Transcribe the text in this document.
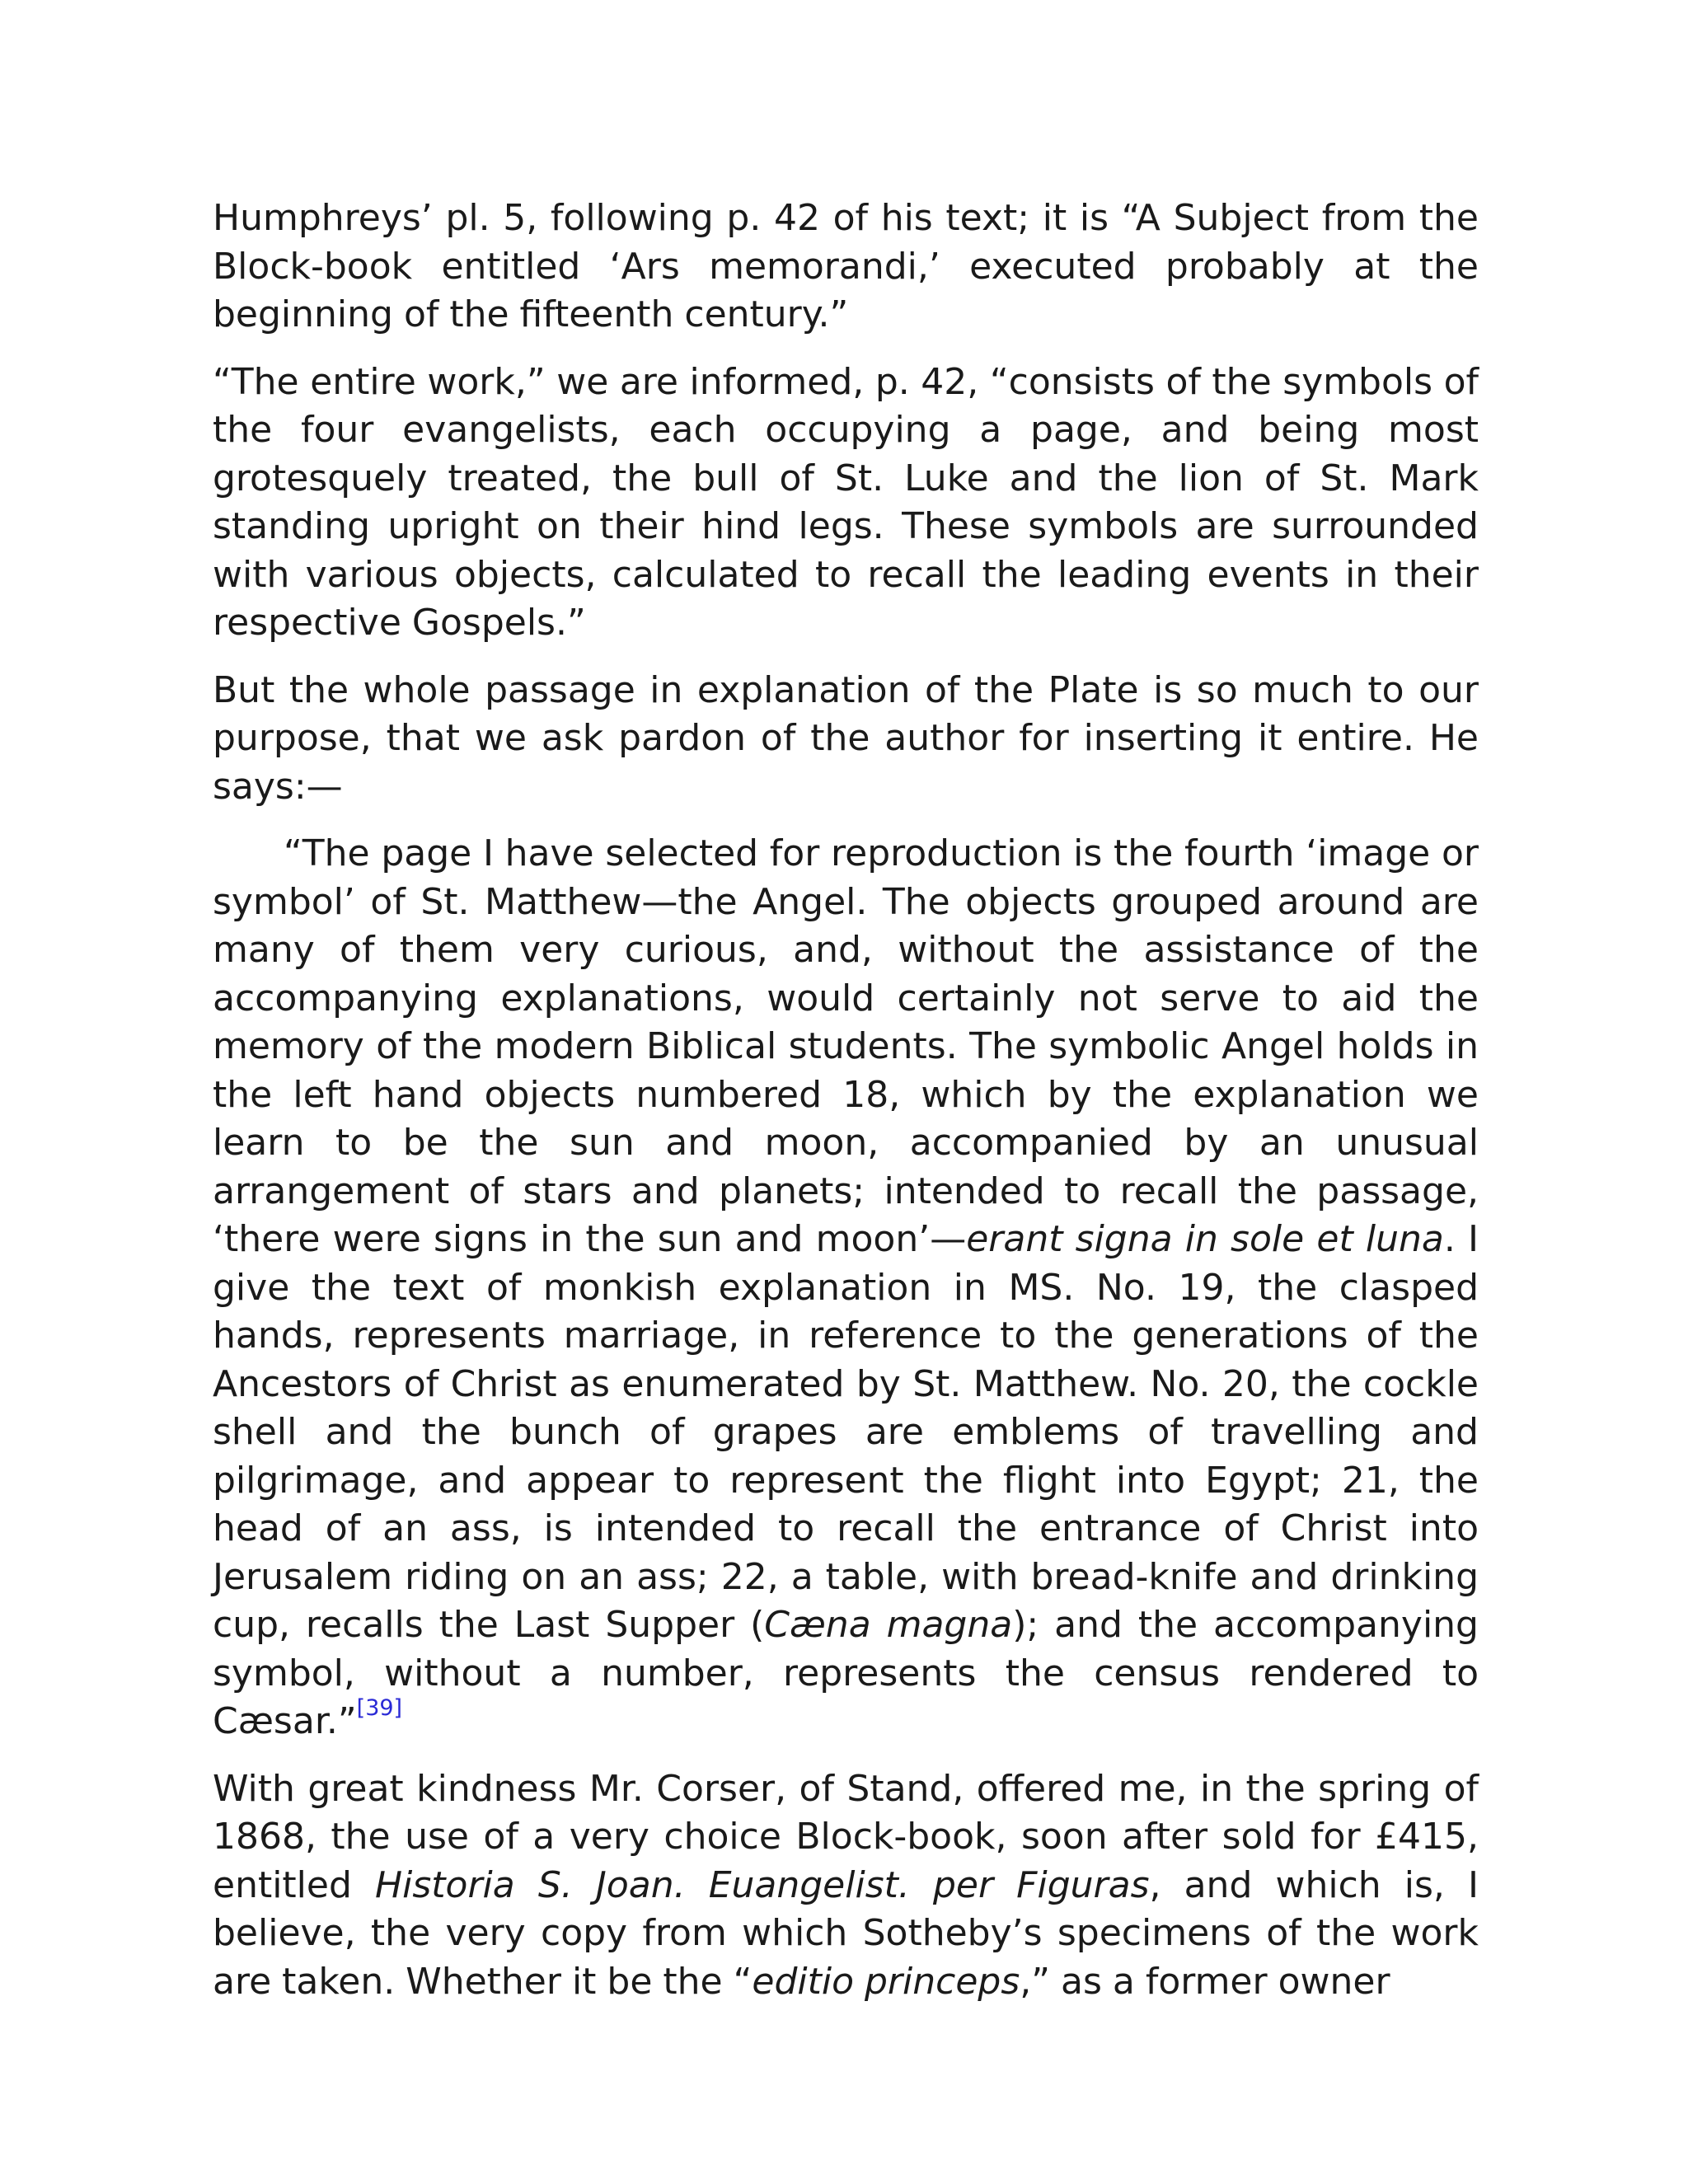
Humphreys’ pl. 5, following p. 42 of his text; it is “A Subject from the Block-book entitled ‘Ars memorandi,’ executed probably at the beginning of the fifteenth century.”

“The entire work,” we are informed, p. 42, “consists of the symbols of the four evangelists, each occupying a page, and being most grotesquely treated, the bull of St. Luke and the lion of St. Mark standing upright on their hind legs. These symbols are surrounded with various objects, calculated to recall the leading events in their respective Gospels.”

But the whole passage in explanation of the Plate is so much to our purpose, that we ask pardon of the author for inserting it entire. He says:—

“The page I have selected for reproduction is the fourth ‘image or symbol’ of St. Matthew—the Angel. The objects grouped around are many of them very curious, and, without the assistance of the accompanying explanations, would certainly not serve to aid the memory of the modern Biblical students. The symbolic Angel holds in the left hand objects numbered 18, which by the explanation we learn to be the sun and moon, accompanied by an unusual arrangement of stars and planets; intended to recall the passage, ‘there were signs in the sun and moon’—erant signa in sole et luna. I give the text of monkish explanation in MS. No. 19, the clasped hands, represents marriage, in reference to the generations of the Ancestors of Christ as enumerated by St. Matthew. No. 20, the cockle shell and the bunch of grapes are emblems of travelling and pilgrimage, and appear to represent the flight into Egypt; 21, the head of an ass, is intended to recall the entrance of Christ into Jerusalem riding on an ass; 22, a table, with bread-knife and drinking cup, recalls the Last Supper (Cæna magna); and the accompanying symbol, without a number, represents the census rendered to Cæsar.”[39]

With great kindness Mr. Corser, of Stand, offered me, in the spring of 1868, the use of a very choice Block-book, soon after sold for £415, entitled Historia S. Joan. Euangelist. per Figuras, and which is, I believe, the very copy from which Sotheby’s specimens of the work are taken. Whether it be the “editio princeps,” as a former owner
